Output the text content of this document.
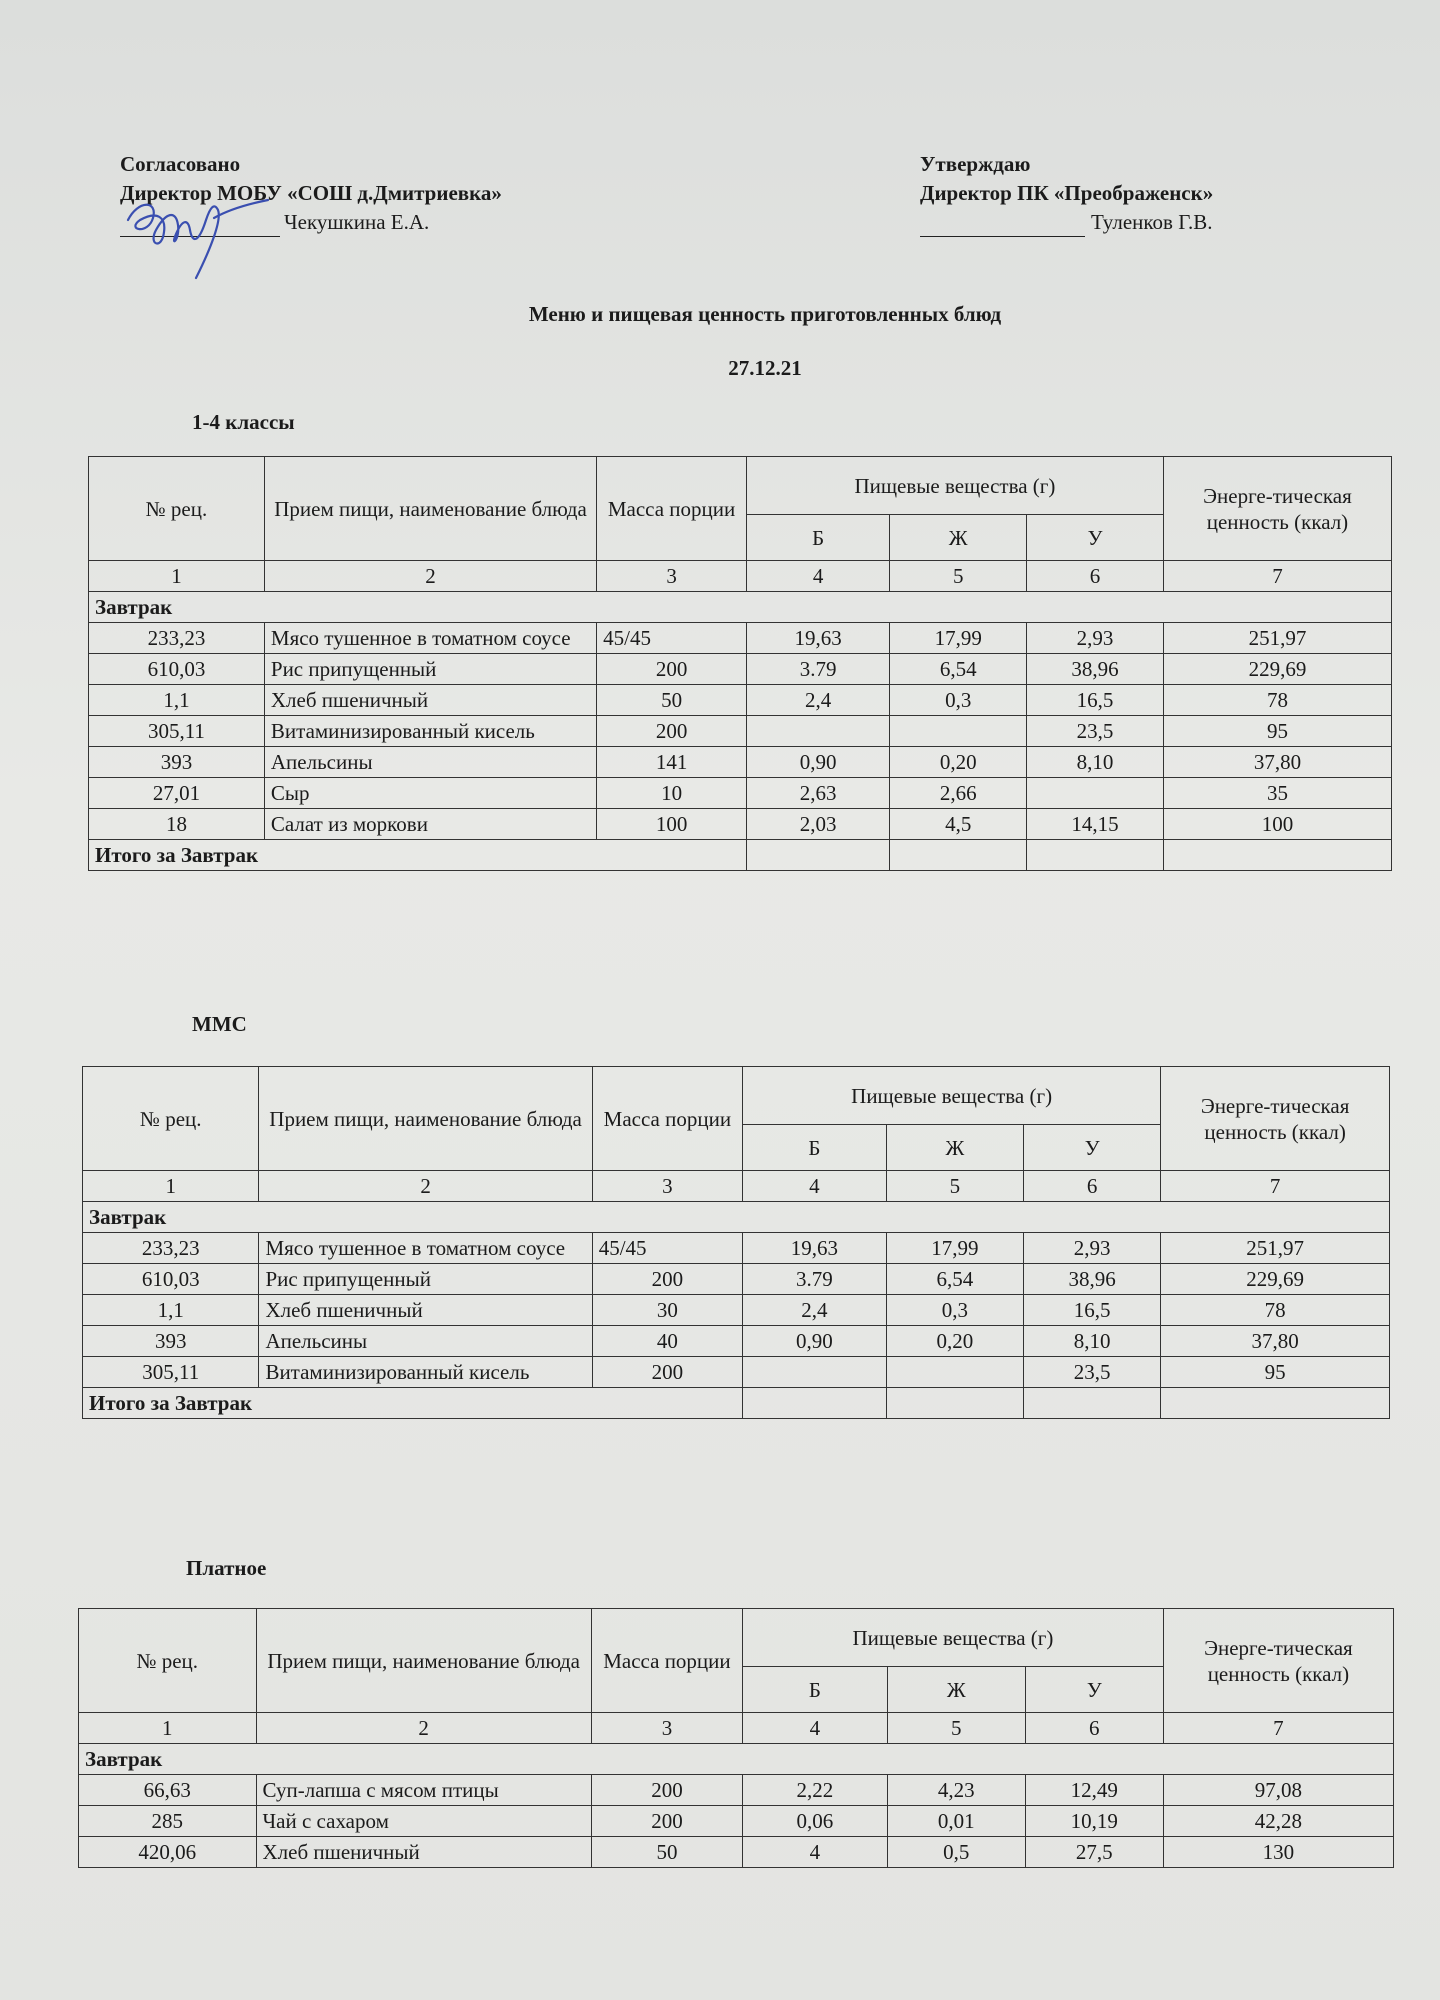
Согласовано
Директор МОБУ «СОШ д.Дмитриевка»
Чекушкина Е.А.
Утверждаю
Директор ПК «Преображенск»
Туленков Г.В.
Меню и пищевая ценность приготовленных блюд
27.12.21
1-4 классы
№ рец.	Прием пищи, наименование блюда	Масса порции	Пищевые вещества (г)			Энерге-тическая ценность (ккал)
			Б	Ж	У	
1	2	3	4	5	6	7
Завтрак						
233,23	Мясо тушенное в томатном соусе	45/45	19,63	17,99	2,93	251,97
610,03	Рис припущенный	200	3.79	6,54	38,96	229,69
1,1	Хлеб пшеничный	50	2,4	0,3	16,5	78
305,11	Витаминизированный кисель	200			23,5	95
393	Апельсины	141	0,90	0,20	8,10	37,80
27,01	Сыр	10	2,63	2,66		35
18	Салат из моркови	100	2,03	4,5	14,15	100
Итого за Завтрак						
ММС
№ рец.	Прием пищи, наименование блюда	Масса порции	Пищевые вещества (г)			Энерге-тическая ценность (ккал)
			Б	Ж	У	
1	2	3	4	5	6	7
Завтрак						
233,23	Мясо тушенное в томатном соусе	45/45	19,63	17,99	2,93	251,97
610,03	Рис припущенный	200	3.79	6,54	38,96	229,69
1,1	Хлеб пшеничный	30	2,4	0,3	16,5	78
393	Апельсины	40	0,90	0,20	8,10	37,80
305,11	Витаминизированный кисель	200			23,5	95
Итого за Завтрак						
Платное
№ рец.	Прием пищи, наименование блюда	Масса порции	Пищевые вещества (г)			Энерге-тическая ценность (ккал)
			Б	Ж	У	
1	2	3	4	5	6	7
Завтрак						
66,63	Суп-лапша с мясом птицы	200	2,22	4,23	12,49	97,08
285	Чай с сахаром	200	0,06	0,01	10,19	42,28
420,06	Хлеб пшеничный	50	4	0,5	27,5	130
